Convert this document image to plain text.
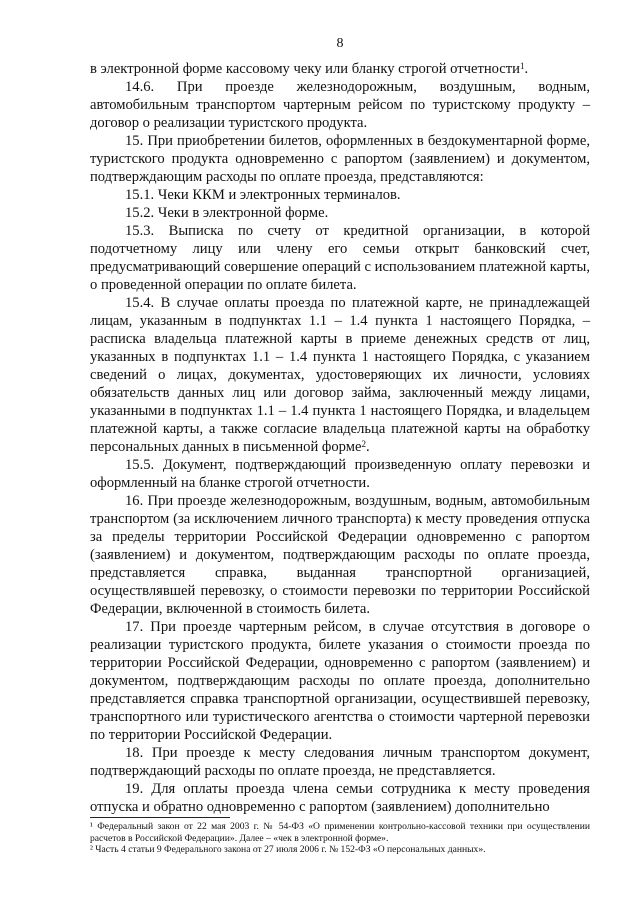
8

в электронной форме кассовому чеку или бланку строгой отчетности$^1$.

14.6. При проезде железнодорожным, воздушным, водным, автомобильным транспортом чартерным рейсом по туристскому продукту – договор о реализации туристского продукта.

15. При приобретении билетов, оформленных в бездокументарной форме, туристского продукта одновременно с рапортом (заявлением) и документом, подтверждающим расходы по оплате проезда, представляются:

15.1. Чеки ККМ и электронных терминалов.

15.2. Чеки в электронной форме.

15.3. Выписка по счету от кредитной организации, в которой подотчетному лицу или члену его семьи открыт банковский счет, предусматривающий совершение операций с использованием платежной карты, о проведенной операции по оплате билета.

15.4. В случае оплаты проезда по платежной карте, не принадлежащей лицам, указанным в подпунктах 1.1 – 1.4 пункта 1 настоящего Порядка, – расписка владельца платежной карты в приеме денежных средств от лиц, указанных в подпунктах 1.1 – 1.4 пункта 1 настоящего Порядка, с указанием сведений о лицах, документах, удостоверяющих их личности, условиях обязательств данных лиц или договор займа, заключенный между лицами, указанными в подпунктах 1.1 – 1.4 пункта 1 настоящего Порядка, и владельцем платежной карты, а также согласие владельца платежной карты на обработку персональных данных в письменной форме$^2$.

15.5. Документ, подтверждающий произведенную оплату перевозки и оформленный на бланке строгой отчетности.

16. При проезде железнодорожным, воздушным, водным, автомобильным транспортом (за исключением личного транспорта) к месту проведения отпуска за пределы территории Российской Федерации одновременно с рапортом (заявлением) и документом, подтверждающим расходы по оплате проезда, представляется справка, выданная транспортной организацией, осуществлявшей перевозку, о стоимости перевозки по территории Российской Федерации, включенной в стоимость билета.

17. При проезде чартерным рейсом, в случае отсутствия в договоре о реализации туристского продукта, билете указания о стоимости проезда по территории Российской Федерации, одновременно с рапортом (заявлением) и документом, подтверждающим расходы по оплате проезда, дополнительно представляется справка транспортной организации, осуществившей перевозку, транспортного или туристического агентства о стоимости чартерной перевозки по территории Российской Федерации.

18. При проезде к месту следования личным транспортом документ, подтверждающий расходы по оплате проезда, не представляется.

19. Для оплаты проезда члена семьи сотрудника к месту проведения отпуска и обратно одновременно с рапортом (заявлением) дополнительно

¹ Федеральный закон от 22 мая 2003 г. № 54-ФЗ «О применении контрольно-кассовой техники при осуществлении расчетов в Российской Федерации». Далее – «чек в электронной форме».

² Часть 4 статьи 9 Федерального закона от 27 июля 2006 г. № 152-ФЗ «О персональных данных».
